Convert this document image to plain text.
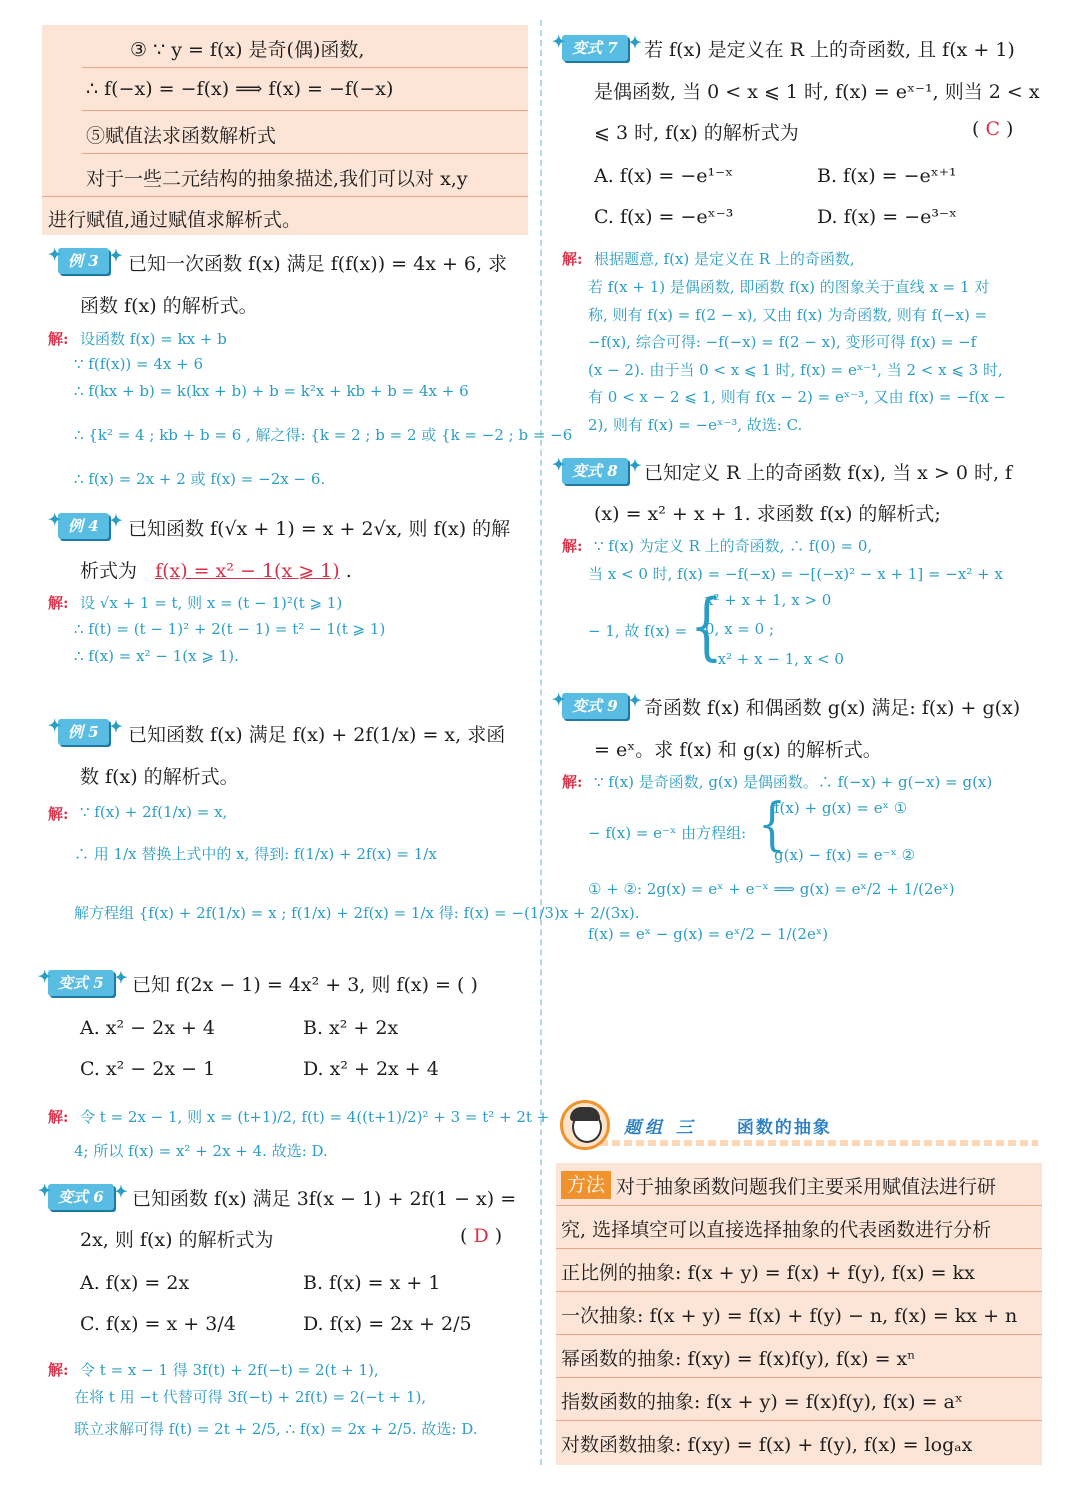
③ ∵ y = f(x) 是奇(偶)函数,
∴ f(−x) = −f(x) ⟹ f(x) = −f(−x)
⑤赋值法求函数解析式
对于一些二元结构的抽象描述,我们可以对 x,y
进行赋值,通过赋值求解析式。
✦ 例 3 ✦	已知一次函数 f(x) 满足 f(f(x)) = 4x + 6, 求
函数 f(x) 的解析式。
解: 设函数 f(x) = kx + b
∵ f(f(x)) = 4x + 6
∴ f(kx + b) = k(kx + b) + b = k²x + kb + b = 4x + 6
∴ {k² = 4 ; kb + b = 6 , 解之得: {k = 2 ; b = 2 或 {k = −2 ; b = −6
∴ f(x) = 2x + 2 或 f(x) = −2x − 6.
✦ 例 4 ✦	已知函数 f(√x + 1) = x + 2√x, 则 f(x) 的解
析式为 f(x) = x² − 1(x ⩾ 1) .
解: 设 √x + 1 = t, 则 x = (t − 1)²(t ⩾ 1)
∴ f(t) = (t − 1)² + 2(t − 1) = t² − 1(t ⩾ 1)
∴ f(x) = x² − 1(x ⩾ 1).
✦ 例 5 ✦	已知函数 f(x) 满足 f(x) + 2f(1/x) = x, 求函
数 f(x) 的解析式。
解: ∵ f(x) + 2f(1/x) = x,
∴ 用 1/x 替换上式中的 x, 得到: f(1/x) + 2f(x) = 1/x
解方程组 {f(x) + 2f(1/x) = x ; f(1/x) + 2f(x) = 1/x 得: f(x) = −(1/3)x + 2/(3x).
✦ 变式 5 ✦	已知 f(2x − 1) = 4x² + 3, 则 f(x) = ( )
A. x² − 2x + 4	B. x² + 2x
C. x² − 2x − 1	D. x² + 2x + 4
解: 令 t = 2x − 1, 则 x = (t+1)/2, f(t) = 4((t+1)/2)² + 3 = t² + 2t +
4; 所以 f(x) = x² + 2x + 4. 故选: D.
✦ 变式 6 ✦	已知函数 f(x) 满足 3f(x − 1) + 2f(1 − x) =
2x, 则 f(x) 的解析式为	( D )
A. f(x) = 2x	B. f(x) = x + 1
C. f(x) = x + 3/4	D. f(x) = 2x + 2/5
解: 令 t = x − 1 得 3f(t) + 2f(−t) = 2(t + 1),
在将 t 用 −t 代替可得 3f(−t) + 2f(t) = 2(−t + 1),
联立求解可得 f(t) = 2t + 2/5, ∴ f(x) = 2x + 2/5. 故选: D.
✦ 变式 7 ✦	若 f(x) 是定义在 R 上的奇函数, 且 f(x + 1)
是偶函数, 当 0 < x ⩽ 1 时, f(x) = eˣ⁻¹, 则当 2 < x
⩽ 3 时, f(x) 的解析式为	( C )
A. f(x) = −e¹⁻ˣ	B. f(x) = −eˣ⁺¹
C. f(x) = −eˣ⁻³	D. f(x) = −e³⁻ˣ
解: 根据题意, f(x) 是定义在 R 上的奇函数,
若 f(x + 1) 是偶函数, 即函数 f(x) 的图象关于直线 x = 1 对
称, 则有 f(x) = f(2 − x), 又由 f(x) 为奇函数, 则有 f(−x) =
−f(x), 综合可得: −f(−x) = f(2 − x), 变形可得 f(x) = −f
(x − 2). 由于当 0 < x ⩽ 1 时, f(x) = eˣ⁻¹, 当 2 < x ⩽ 3 时,
有 0 < x − 2 ⩽ 1, 则有 f(x − 2) = eˣ⁻³, 又由 f(x) = −f(x −
2), 则有 f(x) = −eˣ⁻³, 故选: C.
✦ 变式 8 ✦	已知定义 R 上的奇函数 f(x), 当 x > 0 时, f
(x) = x² + x + 1. 求函数 f(x) 的解析式;
解: ∵ f(x) 为定义 R 上的奇函数, ∴ f(0) = 0,
当 x < 0 时, f(x) = −f(−x) = −[(−x)² − x + 1] = −x² + x
{
x² + x + 1, x > 0
− 1, 故 f(x) = 0, x = 0 ;
−x² + x − 1, x < 0
✦ 变式 9 ✦	奇函数 f(x) 和偶函数 g(x) 满足: f(x) + g(x)
= eˣ。求 f(x) 和 g(x) 的解析式。
解: ∵ f(x) 是奇函数, g(x) 是偶函数。∴ f(−x) + g(−x) = g(x)
{
f(x) + g(x) = eˣ ①
− f(x) = e⁻ˣ 由方程组:
g(x) − f(x) = e⁻ˣ ②
① + ②: 2g(x) = eˣ + e⁻ˣ ⟹ g(x) = eˣ/2 + 1/(2eˣ)
f(x) = eˣ − g(x) = eˣ/2 − 1/(2eˣ)
题组 三 函数的抽象
方法 对于抽象函数问题我们主要采用赋值法进行研
究, 选择填空可以直接选择抽象的代表函数进行分析
正比例的抽象: f(x + y) = f(x) + f(y), f(x) = kx
一次抽象: f(x + y) = f(x) + f(y) − n, f(x) = kx + n
幂函数的抽象: f(xy) = f(x)f(y), f(x) = xⁿ
指数函数的抽象: f(x + y) = f(x)f(y), f(x) = aˣ
对数函数抽象: f(xy) = f(x) + f(y), f(x) = logₐx
